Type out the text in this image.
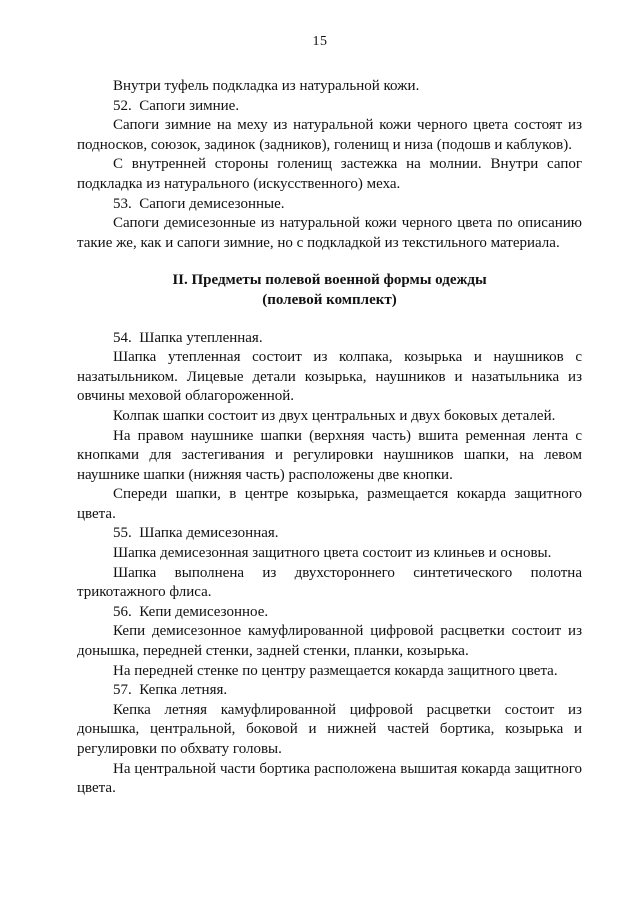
15

Внутри туфель подкладка из натуральной кожи.

52.  Сапоги зимние.

Сапоги зимние на меху из натуральной кожи черного цвета состоят из подносков, союзок, задинок (задников), голенищ и низа (подошв и каблуков).

С внутренней стороны голенищ застежка на молнии. Внутри сапог подкладка из натурального (искусственного) меха.

53.  Сапоги демисезонные.

Сапоги демисезонные из натуральной кожи черного цвета по описанию такие же, как и сапоги зимние, но с подкладкой из текстильного материала.

II. Предметы полевой военной формы одежды

(полевой комплект)

54.  Шапка утепленная.

Шапка утепленная состоит из колпака, козырька и наушников с назатыльником. Лицевые детали козырька, наушников и назатыльника из овчины меховой облагороженной.

Колпак шапки состоит из двух центральных и двух боковых деталей.

На правом наушнике шапки (верхняя часть) вшита ременная лента с кнопками для застегивания и регулировки наушников шапки, на левом наушнике шапки (нижняя часть) расположены две кнопки.

Спереди шапки, в центре козырька, размещается кокарда защитного цвета.

55.  Шапка демисезонная.

Шапка демисезонная защитного цвета состоит из клиньев и основы.

Шапка выполнена из двухстороннего синтетического полотна трикотажного флиса.

56.  Кепи демисезонное.

Кепи демисезонное камуфлированной цифровой расцветки состоит из донышка, передней стенки, задней стенки, планки, козырька.

На передней стенке по центру размещается кокарда защитного цвета.

57.  Кепка летняя.

Кепка летняя камуфлированной цифровой расцветки состоит из донышка, центральной, боковой и нижней частей бортика, козырька и регулировки по обхвату головы.

На центральной части бортика расположена вышитая кокарда защитного цвета.
